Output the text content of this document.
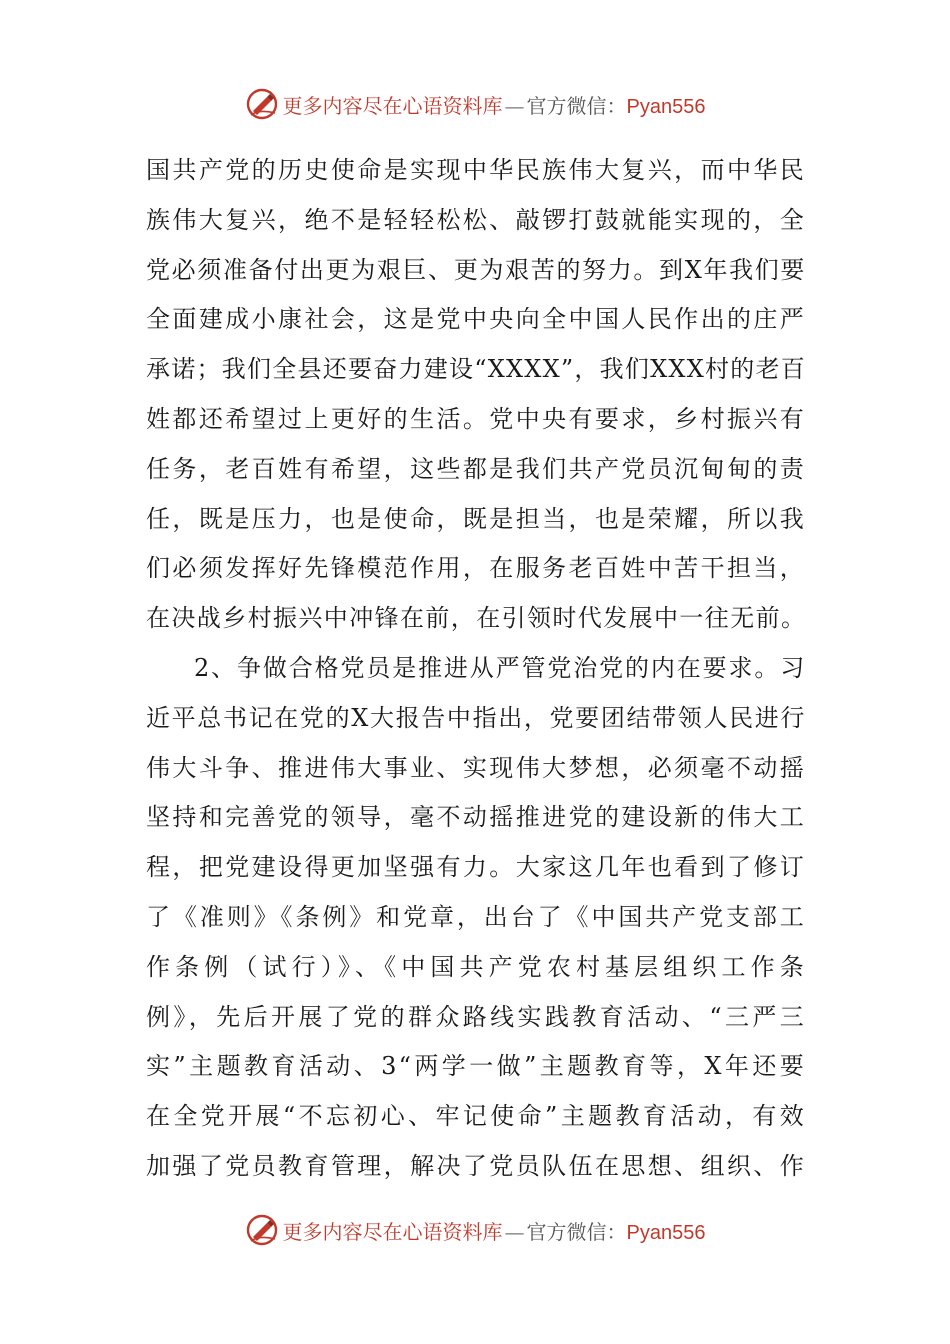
更多内容尽在心语资料库 — 官方微信：Pyan556

国共产党的历史使命是实现中华民族伟大复兴，而中华民
族伟大复兴，绝不是轻轻松松、敲锣打鼓就能实现的，全
党必须准备付出更为艰巨、更为艰苦的努力。到X年我们要
全面建成小康社会，这是党中央向全中国人民作出的庄严
承诺；我们全县还要奋力建设“XXXX”，我们XXX村的老百
姓都还希望过上更好的生活。党中央有要求，乡村振兴有
任务，老百姓有希望，这些都是我们共产党员沉甸甸的责
任，既是压力，也是使命，既是担当，也是荣耀，所以我
们必须发挥好先锋模范作用，在服务老百姓中苦干担当，
在决战乡村振兴中冲锋在前，在引领时代发展中一往无前。

2、争做合格党员是推进从严管党治党的内在要求。习
近平总书记在党的X大报告中指出，党要团结带领人民进行
伟大斗争、推进伟大事业、实现伟大梦想，必须毫不动摇
坚持和完善党的领导，毫不动摇推进党的建设新的伟大工
程，把党建设得更加坚强有力。大家这几年也看到了修订
了《准则》《条例》和党章，出台了《中国共产党支部工
作条例（试行）》、《中国共产党农村基层组织工作条
例》，先后开展了党的群众路线实践教育活动、“三严三
实”主题教育活动、3“两学一做”主题教育等，X年还要
在全党开展“不忘初心、牢记使命”主题教育活动，有效
加强了党员教育管理，解决了党员队伍在思想、组织、作

更多内容尽在心语资料库 — 官方微信：Pyan556
